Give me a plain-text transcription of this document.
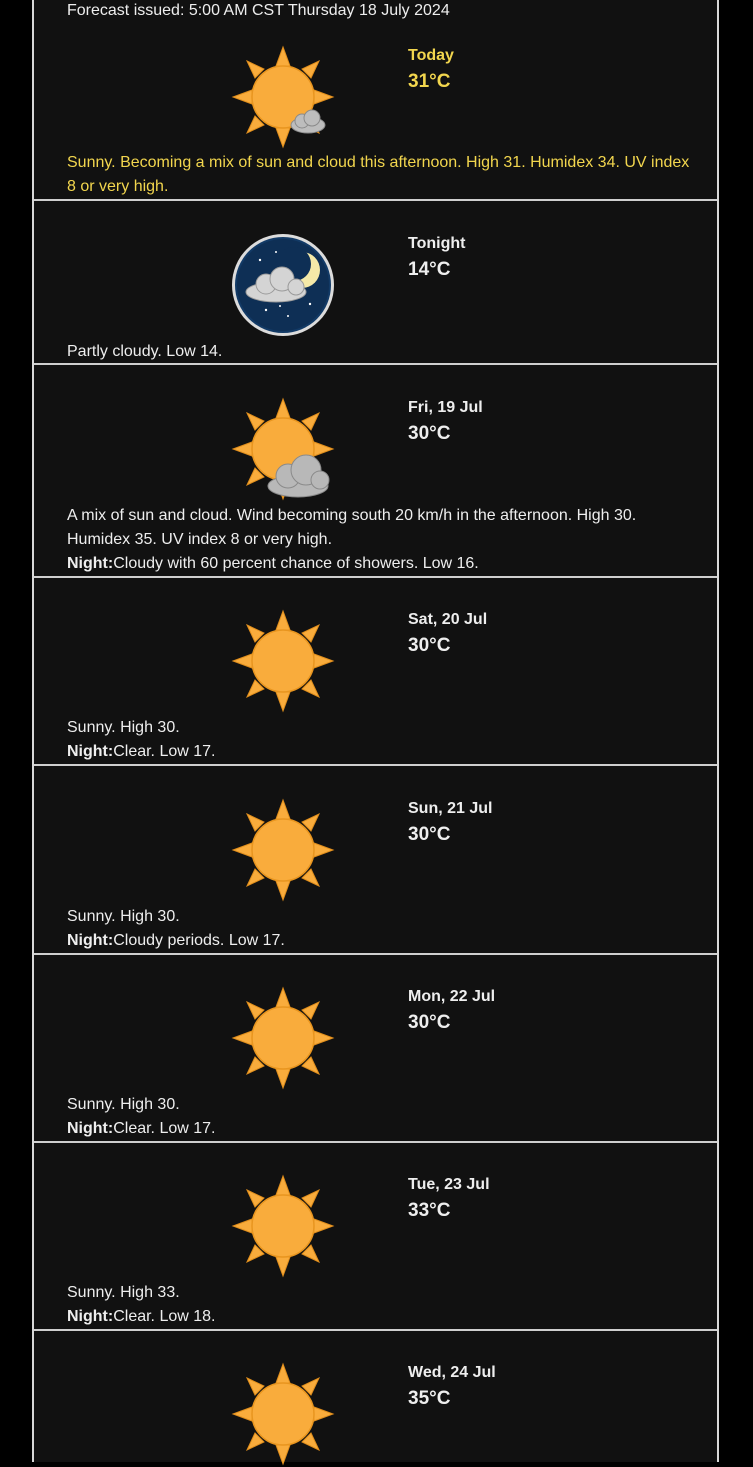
Forecast issued: 5:00 AM CST Thursday 18 July 2024
Today
31°C
Sunny. Becoming a mix of sun and cloud this afternoon. High 31. Humidex 34. UV index 8 or very high.
Tonight
14°C
Partly cloudy. Low 14.
Fri, 19 Jul
30°C
A mix of sun and cloud. Wind becoming south 20 km/h in the afternoon. High 30. Humidex 35. UV index 8 or very high.
Night:Cloudy with 60 percent chance of showers. Low 16.
Sat, 20 Jul
30°C
Sunny. High 30.
Night:Clear. Low 17.
Sun, 21 Jul
30°C
Sunny. High 30.
Night:Cloudy periods. Low 17.
Mon, 22 Jul
30°C
Sunny. High 30.
Night:Clear. Low 17.
Tue, 23 Jul
33°C
Sunny. High 33.
Night:Clear. Low 18.
Wed, 24 Jul
35°C
